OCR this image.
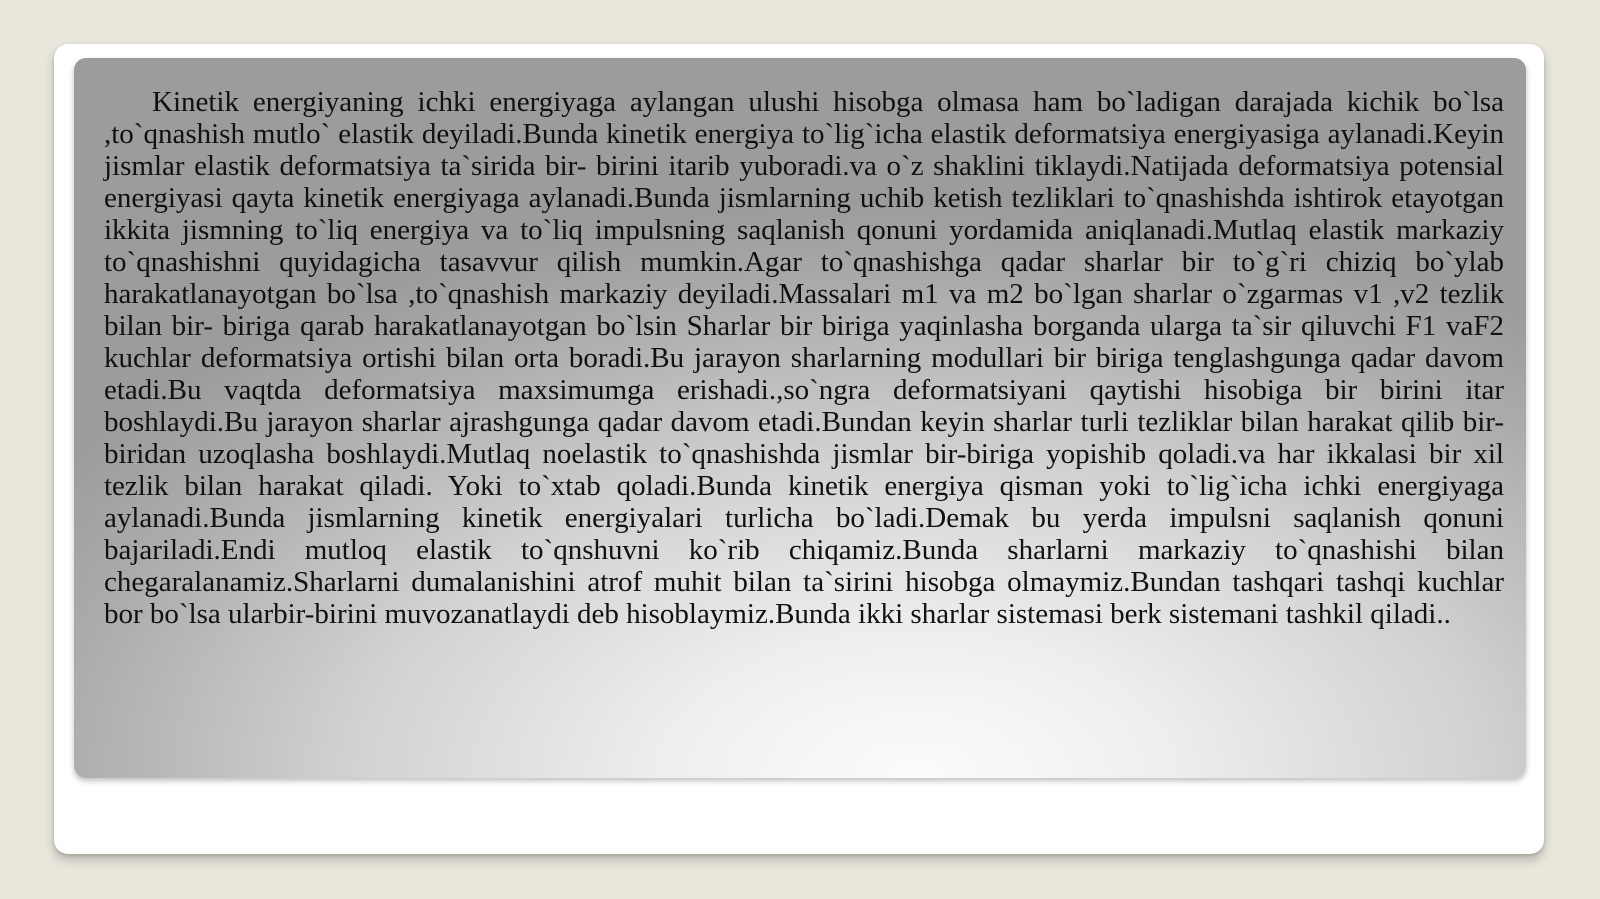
Kinetik energiyaning ichki energiyaga aylangan ulushi hisobga olmasa ham bo`ladigan darajada kichik bo`lsa ,to`qnashish mutlo` elastik deyiladi.Bunda kinetik energiya to`lig`icha elastik deformatsiya energiyasiga aylanadi.Keyin jismlar elastik deformatsiya ta`sirida bir- birini itarib yuboradi.va o`z shaklini tiklaydi.Natijada deformatsiya potensial energiyasi qayta kinetik energiyaga aylanadi.Bunda jismlarning uchib ketish tezliklari to`qnashishda ishtirok etayotgan ikkita jismning to`liq energiya va to`liq impulsning saqlanish qonuni yordamida aniqlanadi.Mutlaq elastik markaziy to`qnashishni quyidagicha tasavvur qilish mumkin.Agar to`qnashishga qadar sharlar bir to`g`ri chiziq bo`ylab harakatlanayotgan bo`lsa ,to`qnashish markaziy deyiladi.Massalari m1 va m2 bo`lgan sharlar o`zgarmas v1 ,v2 tezlik bilan bir- biriga qarab harakatlanayotgan bo`lsin Sharlar bir biriga yaqinlasha borganda ularga ta`sir qiluvchi F1 vaF2 kuchlar deformatsiya ortishi bilan orta boradi.Bu jarayon sharlarning modullari bir biriga tenglashgunga qadar davom etadi.Bu vaqtda deformatsiya maxsimumga erishadi.,so`ngra deformatsiyani qaytishi hisobiga bir birini itar boshlaydi.Bu jarayon sharlar ajrashgunga qadar davom etadi.Bundan keyin sharlar turli tezliklar bilan harakat qilib bir-biridan uzoqlasha boshlaydi.Mutlaq noelastik to`qnashishda jismlar bir-biriga yopishib qoladi.va har ikkalasi bir xil tezlik bilan harakat qiladi. Yoki to`xtab qoladi.Bunda kinetik energiya qisman yoki to`lig`icha ichki energiyaga aylanadi.Bunda jismlarning kinetik energiyalari turlicha bo`ladi.Demak bu yerda impulsni saqlanish qonuni bajariladi.Endi mutloq elastik to`qnshuvni ko`rib chiqamiz.Bunda sharlarni markaziy to`qnashishi bilan chegaralanamiz.Sharlarni dumalanishini atrof muhit bilan ta`sirini hisobga olmaymiz.Bundan tashqari tashqi kuchlar bor bo`lsa ularbir-birini muvozanatlaydi deb hisoblaymiz.Bunda ikki sharlar sistemasi berk sistemani tashkil qiladi..
